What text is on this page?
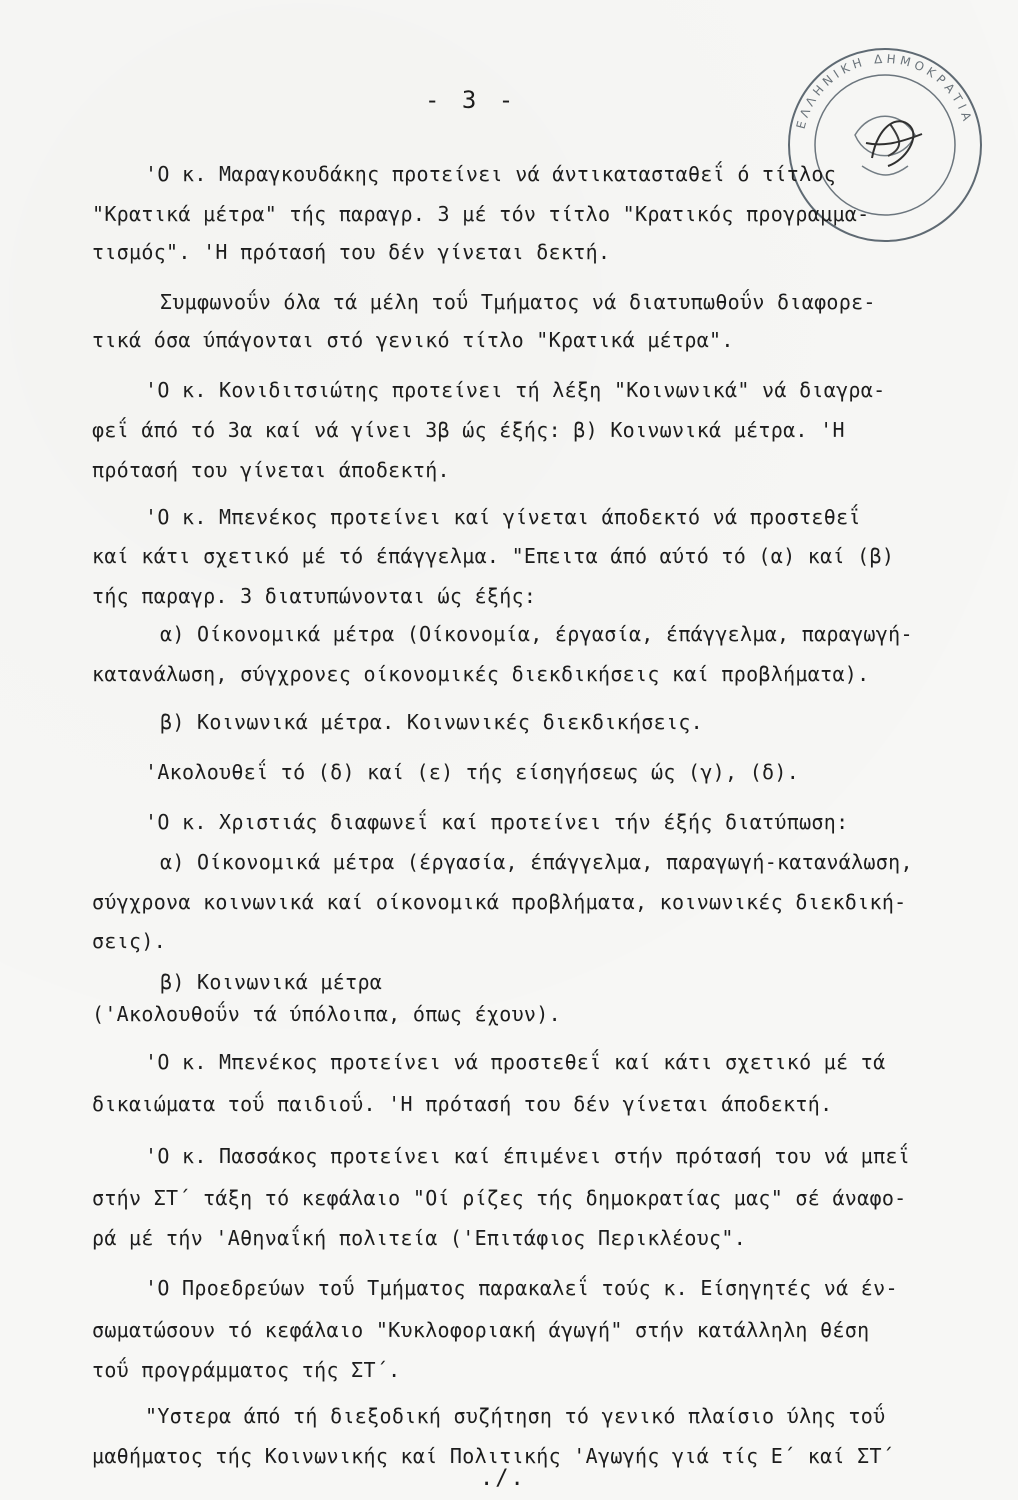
- 3 -
ΕΛΛΗΝΙΚΗ ΔΗΜΟΚΡΑΤΙΑ
'Ο κ. Μαραγκουδάκης προτείνει νά άντικατασταθεΐ ό τίτλος
"Κρατικά μέτρα" τής παραγρ. 3 μέ τόν τίτλο "Κρατικός προγραμμα-
τισμός". 'Η πρότασή του δέν γίνεται δεκτή.
Συμφωνοΰν όλα τά μέλη τοΰ Τμήματος νά διατυπωθοΰν διαφορε-
τικά όσα ύπάγονται στό γενικό τίτλο "Κρατικά μέτρα".
'Ο κ. Κονιδιτσιώτης προτείνει τή λέξη "Κοινωνικά" νά διαγρα-
φεΐ άπό τό 3α καί νά γίνει 3β ώς έξής: β) Κοινωνικά μέτρα. 'Η
πρότασή του γίνεται άποδεκτή.
'Ο κ. Μπενέκος προτείνει καί γίνεται άποδεκτό νά προστεθεΐ
καί κάτι σχετικό μέ τό έπάγγελμα. "Επειτα άπό αύτό τό (α) καί (β)
τής παραγρ. 3 διατυπώνονται ώς έξής:
α) Οίκονομικά μέτρα (Οίκονομία, έργασία, έπάγγελμα, παραγωγή-
κατανάλωση, σύγχρονες οίκονομικές διεκδικήσεις καί προβλήματα).
β) Κοινωνικά μέτρα. Κοινωνικές διεκδικήσεις.
'Ακολουθεΐ τό (δ) καί (ε) τής είσηγήσεως ώς (γ), (δ).
'Ο κ. Χριστιάς διαφωνεΐ καί προτείνει τήν έξής διατύπωση:
α) Οίκονομικά μέτρα (έργασία, έπάγγελμα, παραγωγή-κατανάλωση,
σύγχρονα κοινωνικά καί οίκονομικά προβλήματα, κοινωνικές διεκδική-
σεις).
β) Κοινωνικά μέτρα
('Ακολουθοΰν τά ύπόλοιπα, όπως έχουν).
'Ο κ. Μπενέκος προτείνει νά προστεθεΐ καί κάτι σχετικό μέ τά
δικαιώματα τοΰ παιδιοΰ. 'Η πρότασή του δέν γίνεται άποδεκτή.
'Ο κ. Πασσάκος προτείνει καί έπιμένει στήν πρότασή του νά μπεΐ
στήν ΣΤ΄ τάξη τό κεφάλαιο "Οί ρίζες τής δημοκρατίας μας" σέ άναφο-
ρά μέ τήν 'Αθηναΐκή πολιτεία ('Επιτάφιος Περικλέους".
'Ο Προεδρεύων τοΰ Τμήματος παρακαλεΐ τούς κ. Είσηγητές νά έν-
σωματώσουν τό κεφάλαιο "Κυκλοφοριακή άγωγή" στήν κατάλληλη θέση
τοΰ προγράμματος τής ΣΤ΄.
"Υστερα άπό τή διεξοδική συζήτηση τό γενικό πλαίσιο ύλης τοΰ
μαθήματος τής Κοινωνικής καί Πολιτικής 'Αγωγής γιά τίς Ε΄ καί ΣΤ΄
./.
